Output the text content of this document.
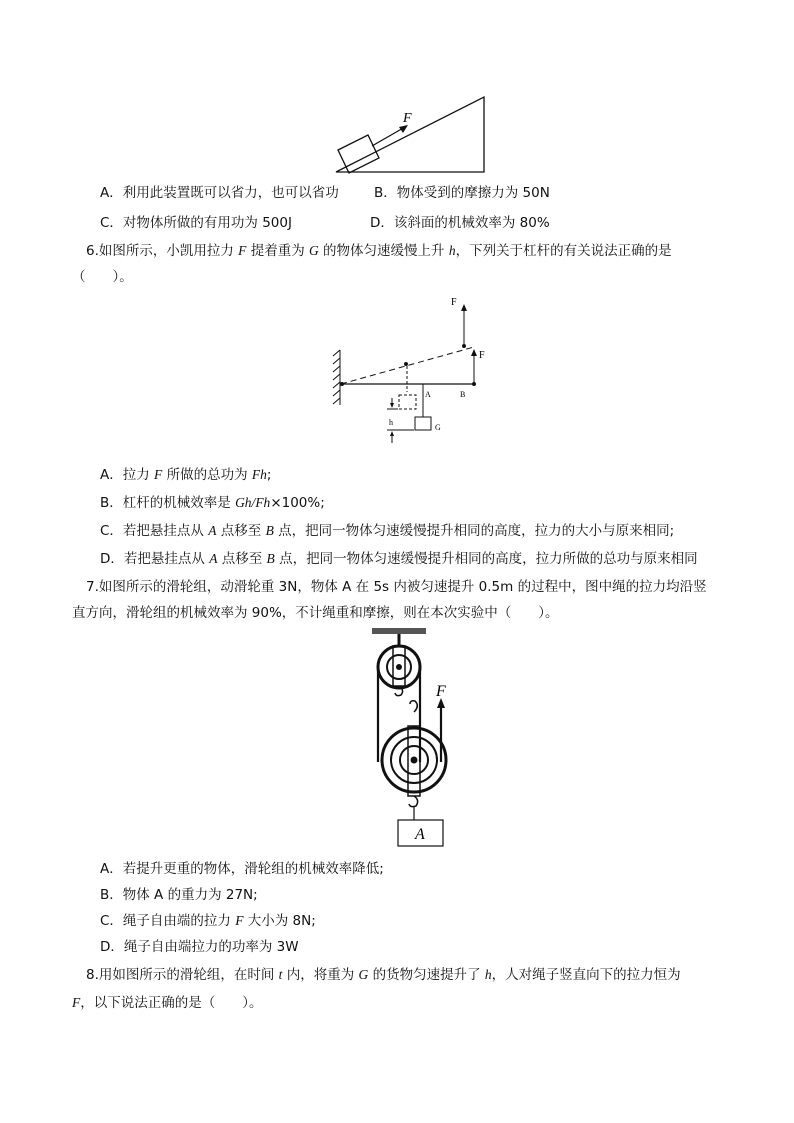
F
A．利用此装置既可以省力，也可以省功	B．物体受到的摩擦力为 50N
C．对物体所做的有用功为 500J	D．该斜面的机械效率为 80%
6.如图所示，小凯用拉力 F 提着重为 G 的物体匀速缓慢上升 h，下列关于杠杆的有关说法正确的是
（　　）。
F
F
A	B
h
G
A．拉力 F 所做的总功为 Fh;
B．杠杆的机械效率是 Gh/Fh×100%;
C．若把悬挂点从 A 点移至 B 点，把同一物体匀速缓慢提升相同的高度，拉力的大小与原来相同;
D．若把悬挂点从 A 点移至 B 点，把同一物体匀速缓慢提升相同的高度，拉力所做的总功与原来相同
7.如图所示的滑轮组，动滑轮重 3N，物体 A 在 5s 内被匀速提升 0.5m 的过程中，图中绳的拉力均沿竖
直方向，滑轮组的机械效率为 90%，不计绳重和摩擦，则在本次实验中（　　）。
F
A
A．若提升更重的物体，滑轮组的机械效率降低;
B．物体 A 的重力为 27N;
C．绳子自由端的拉力 F 大小为 8N;
D．绳子自由端拉力的功率为 3W
8.用如图所示的滑轮组，在时间 t 内，将重为 G 的货物匀速提升了 h，人对绳子竖直向下的拉力恒为
F，以下说法正确的是（　　）。
